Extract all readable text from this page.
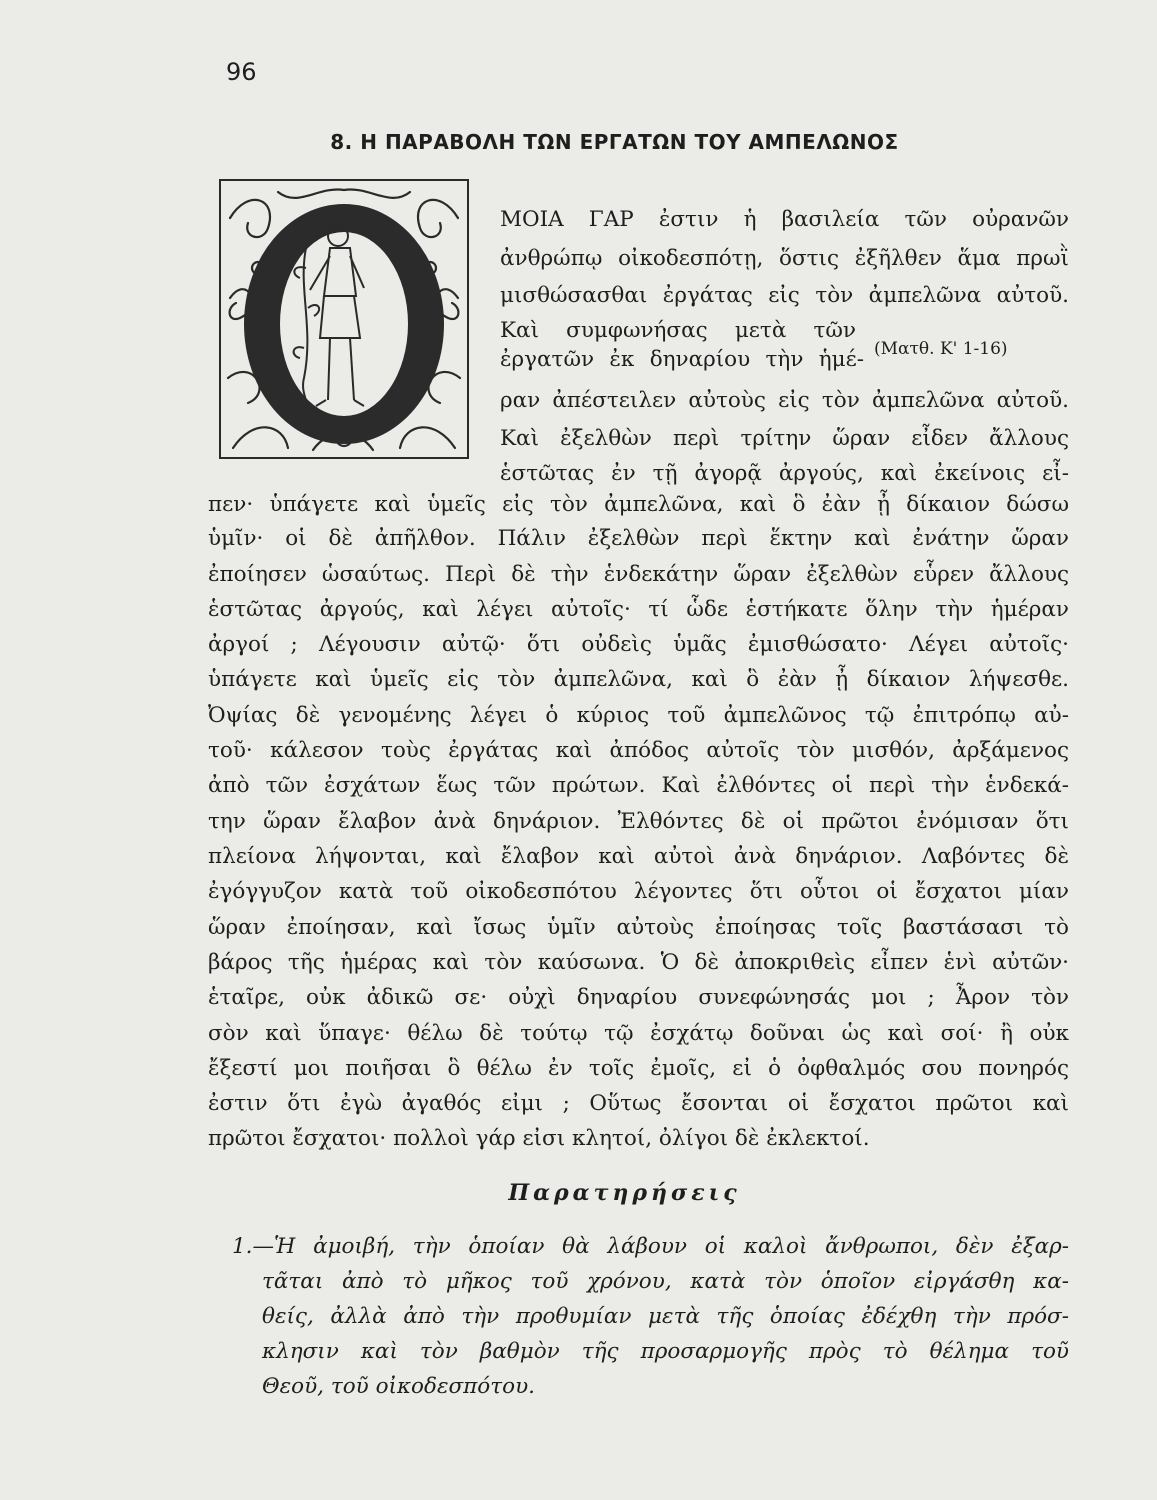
96
8. Η ΠΑΡΑΒΟΛΗ ΤΩΝ ΕΡΓΑΤΩΝ ΤΟΥ ΑΜΠΕΛΩΝΟΣ
(Ματθ. Κ' 1-16)
ΜΟΙΑ ΓΑΡ ἐστιν ἡ βασιλεία τῶν οὐρανῶν
ἀνθρώπῳ οἰκοδεσπότῃ, ὅστις ἐξῆλθεν ἅμα πρωῒ
μισθώσασθαι ἐργάτας εἰς τὸν ἀμπελῶνα αὐτοῦ.
Καὶ συμφωνήσας μετὰ τῶν
ἐργατῶν ἐκ δηναρίου τὴν ἡμέ-
ραν ἀπέστειλεν αὐτοὺς εἰς τὸν ἀμπελῶνα αὐτοῦ.
Καὶ ἐξελθὼν περὶ τρίτην ὥραν εἶδεν ἄλλους
ἑστῶτας ἐν τῇ ἀγορᾷ ἀργούς, καὶ ἐκείνοις εἶ-
πεν· ὑπάγετε καὶ ὑμεῖς εἰς τὸν ἀμπελῶνα, καὶ ὃ ἐὰν ᾖ δίκαιον δώσω
ὑμῖν· οἱ δὲ ἀπῆλθον. Πάλιν ἐξελθὼν περὶ ἕκτην καὶ ἐνάτην ὥραν
ἐποίησεν ὡσαύτως. Περὶ δὲ τὴν ἑνδεκάτην ὥραν ἐξελθὼν εὗρεν ἄλλους
ἑστῶτας ἀργούς, καὶ λέγει αὐτοῖς· τί ὧδε ἑστήκατε ὅλην τὴν ἡμέραν
ἀργοί ; Λέγουσιν αὐτῷ· ὅτι οὐδεὶς ὑμᾶς ἐμισθώσατο· Λέγει αὐτοῖς·
ὑπάγετε καὶ ὑμεῖς εἰς τὸν ἀμπελῶνα, καὶ ὃ ἐὰν ᾖ δίκαιον λήψεσθε.
Ὀψίας δὲ γενομένης λέγει ὁ κύριος τοῦ ἀμπελῶνος τῷ ἐπιτρόπῳ αὐ-
τοῦ· κάλεσον τοὺς ἐργάτας καὶ ἀπόδος αὐτοῖς τὸν μισθόν, ἀρξάμενος
ἀπὸ τῶν ἐσχάτων ἕως τῶν πρώτων. Καὶ ἐλθόντες οἱ περὶ τὴν ἑνδεκά-
την ὥραν ἔλαβον ἀνὰ δηνάριον. Ἐλθόντες δὲ οἱ πρῶτοι ἐνόμισαν ὅτι
πλείονα λήψονται, καὶ ἔλαβον καὶ αὐτοὶ ἀνὰ δηνάριον. Λαβόντες δὲ
ἐγόγγυζον κατὰ τοῦ οἰκοδεσπότου λέγοντες ὅτι οὗτοι οἱ ἔσχατοι μίαν
ὥραν ἐποίησαν, καὶ ἴσως ὑμῖν αὐτοὺς ἐποίησας τοῖς βαστάσασι τὸ
βάρος τῆς ἡμέρας καὶ τὸν καύσωνα. Ὁ δὲ ἀποκριθεὶς εἶπεν ἑνὶ αὐτῶν·
ἑταῖρε, οὐκ ἀδικῶ σε· οὐχὶ δηναρίου συνεφώνησάς μοι ; Ἆρον τὸν
σὸν καὶ ὕπαγε· θέλω δὲ τούτῳ τῷ ἐσχάτῳ δοῦναι ὡς καὶ σοί· ἢ οὐκ
ἔξεστί μοι ποιῆσαι ὃ θέλω ἐν τοῖς ἐμοῖς, εἰ ὁ ὀφθαλμός σου πονηρός
ἐστιν ὅτι ἐγὼ ἀγαθός εἰμι ; Οὕτως ἔσονται οἱ ἔσχατοι πρῶτοι καὶ
πρῶτοι ἔσχατοι· πολλοὶ γάρ εἰσι κλητοί, ὀλίγοι δὲ ἐκλεκτοί.
Παρατηρήσεις
1.—Ἡ ἀμοιβή, τὴν ὁποίαν θὰ λάβουν οἱ καλοὶ ἄνθρωποι, δὲν ἐξαρ-
τᾶται ἀπὸ τὸ μῆκος τοῦ χρόνου, κατὰ τὸν ὁποῖον εἰργάσθη κα-
θείς, ἀλλὰ ἀπὸ τὴν προθυμίαν μετὰ τῆς ὁποίας ἐδέχθη τὴν πρόσ-
κλησιν καὶ τὸν βαθμὸν τῆς προσαρμογῆς πρὸς τὸ θέλημα τοῦ
Θεοῦ, τοῦ οἰκοδεσπότου.
